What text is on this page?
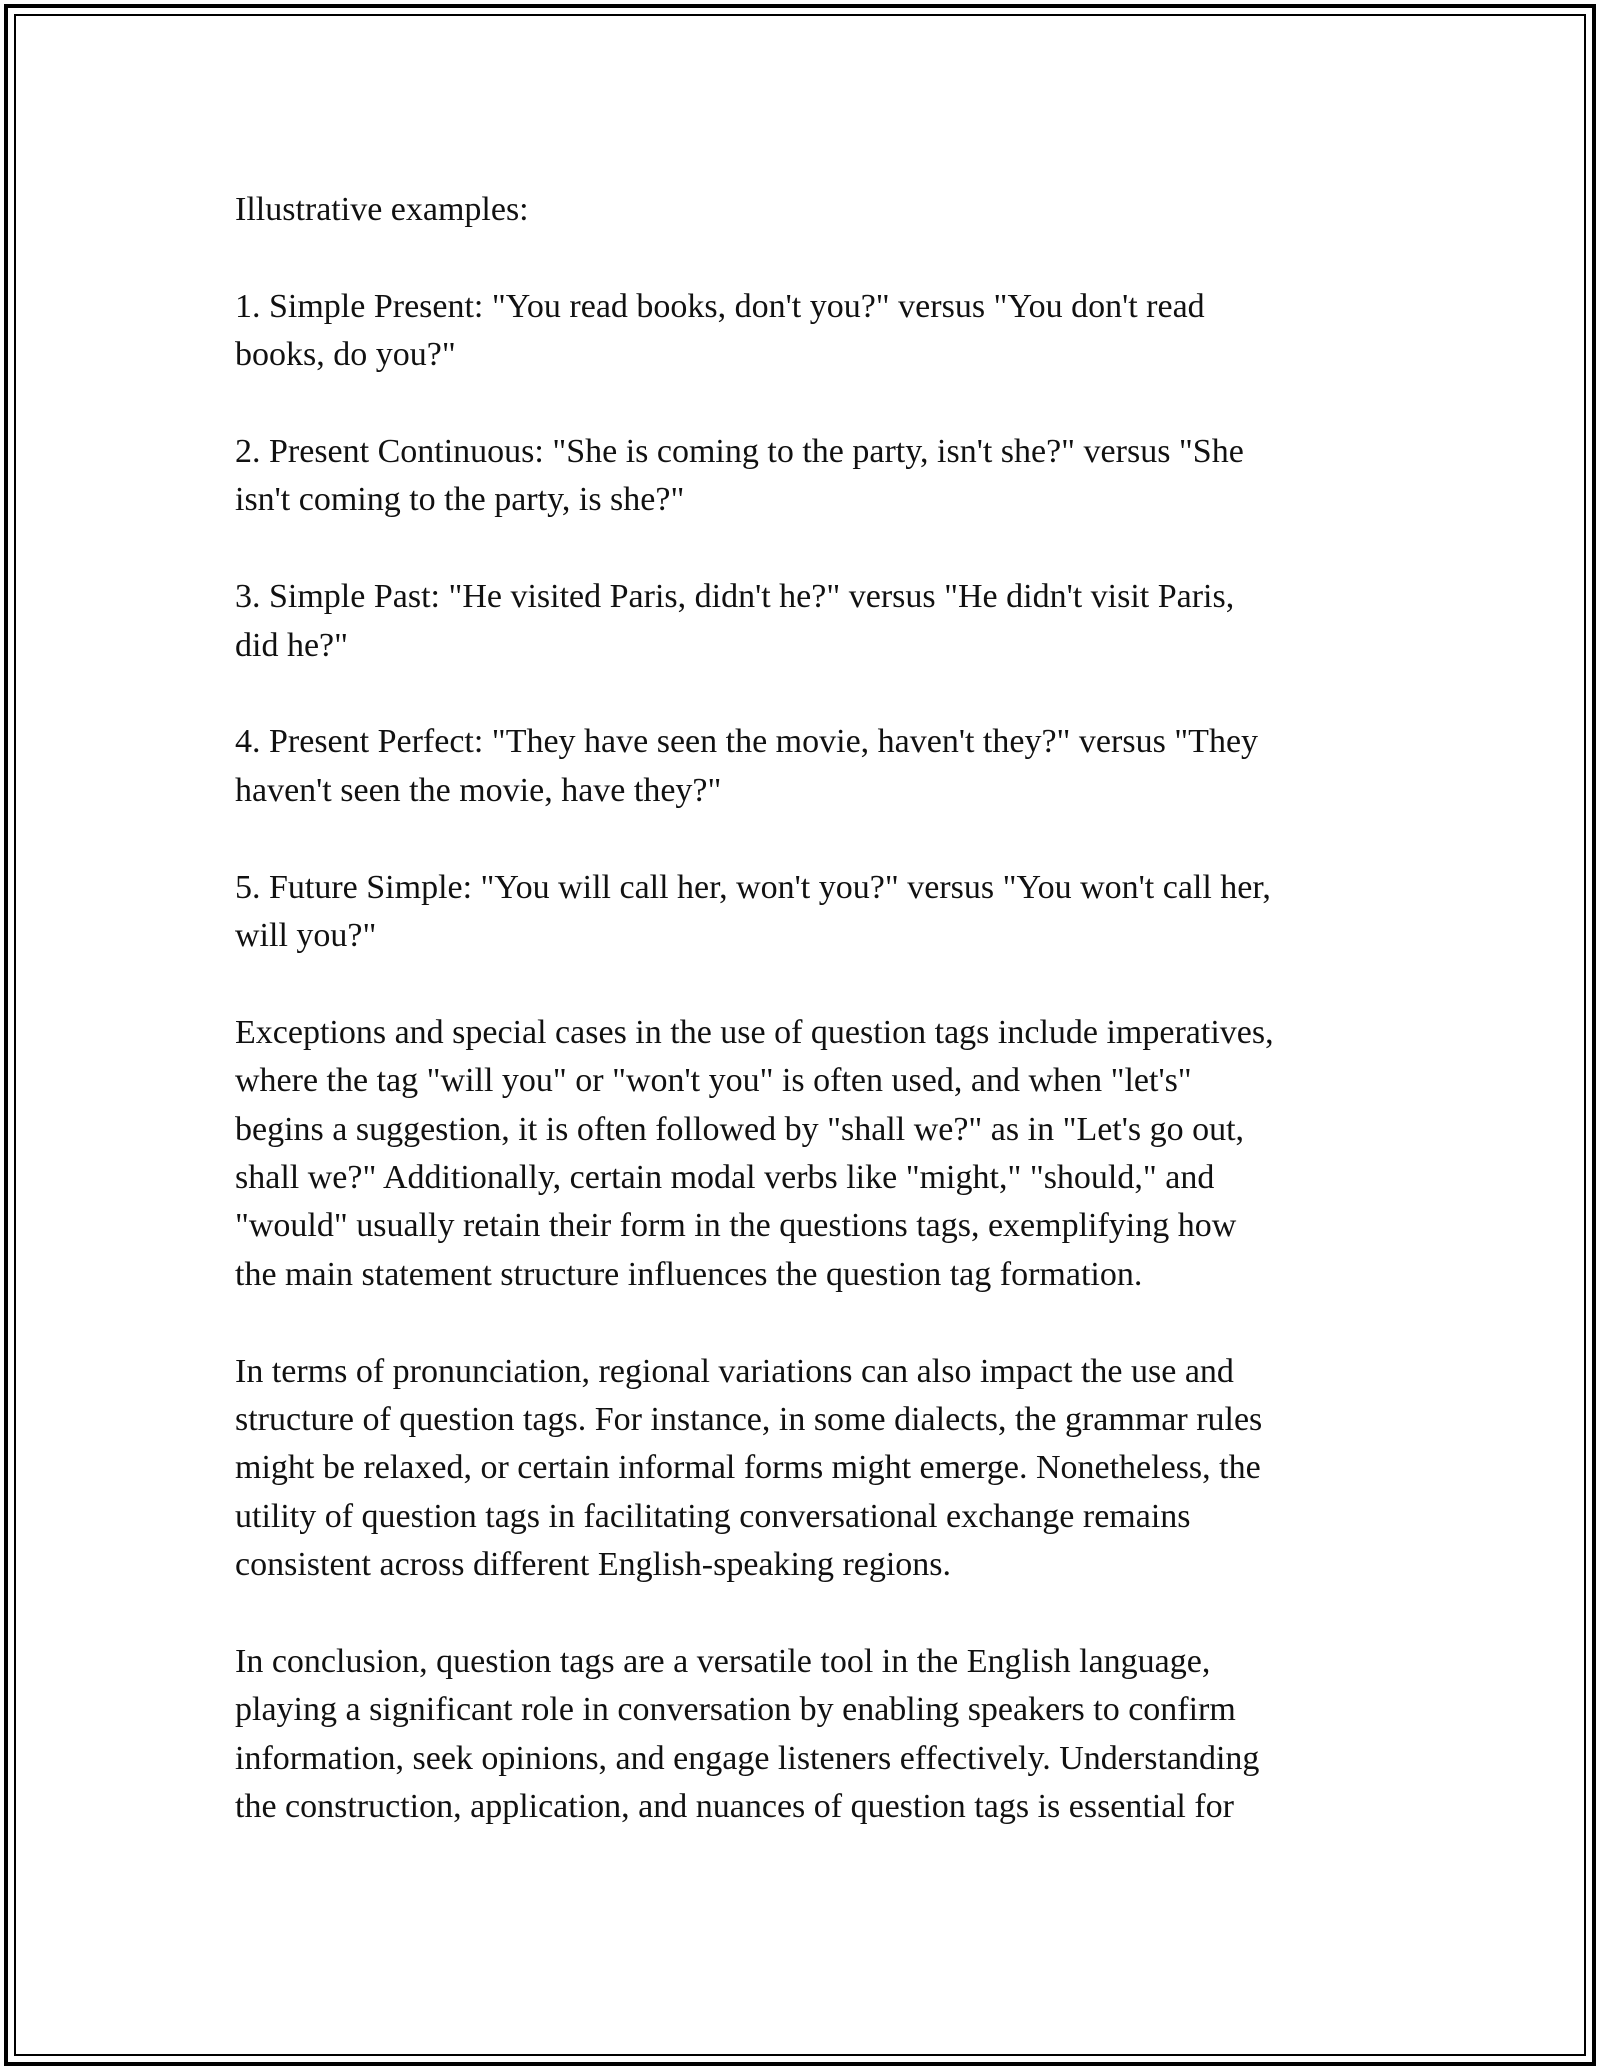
Illustrative examples:

1. Simple Present: "You read books, don't you?" versus "You don't read
books, do you?"

2. Present Continuous: "She is coming to the party, isn't she?" versus "She
isn't coming to the party, is she?"

3. Simple Past: "He visited Paris, didn't he?" versus "He didn't visit Paris,
did he?"

4. Present Perfect: "They have seen the movie, haven't they?" versus "They
haven't seen the movie, have they?"

5. Future Simple: "You will call her, won't you?" versus "You won't call her,
will you?"

Exceptions and special cases in the use of question tags include imperatives,
where the tag "will you" or "won't you" is often used, and when "let's"
begins a suggestion, it is often followed by "shall we?" as in "Let's go out,
shall we?" Additionally, certain modal verbs like "might," "should," and
"would" usually retain their form in the questions tags, exemplifying how
the main statement structure influences the question tag formation.

In terms of pronunciation, regional variations can also impact the use and
structure of question tags. For instance, in some dialects, the grammar rules
might be relaxed, or certain informal forms might emerge. Nonetheless, the
utility of question tags in facilitating conversational exchange remains
consistent across different English-speaking regions.

In conclusion, question tags are a versatile tool in the English language,
playing a significant role in conversation by enabling speakers to confirm
information, seek opinions, and engage listeners effectively. Understanding
the construction, application, and nuances of question tags is essential for
